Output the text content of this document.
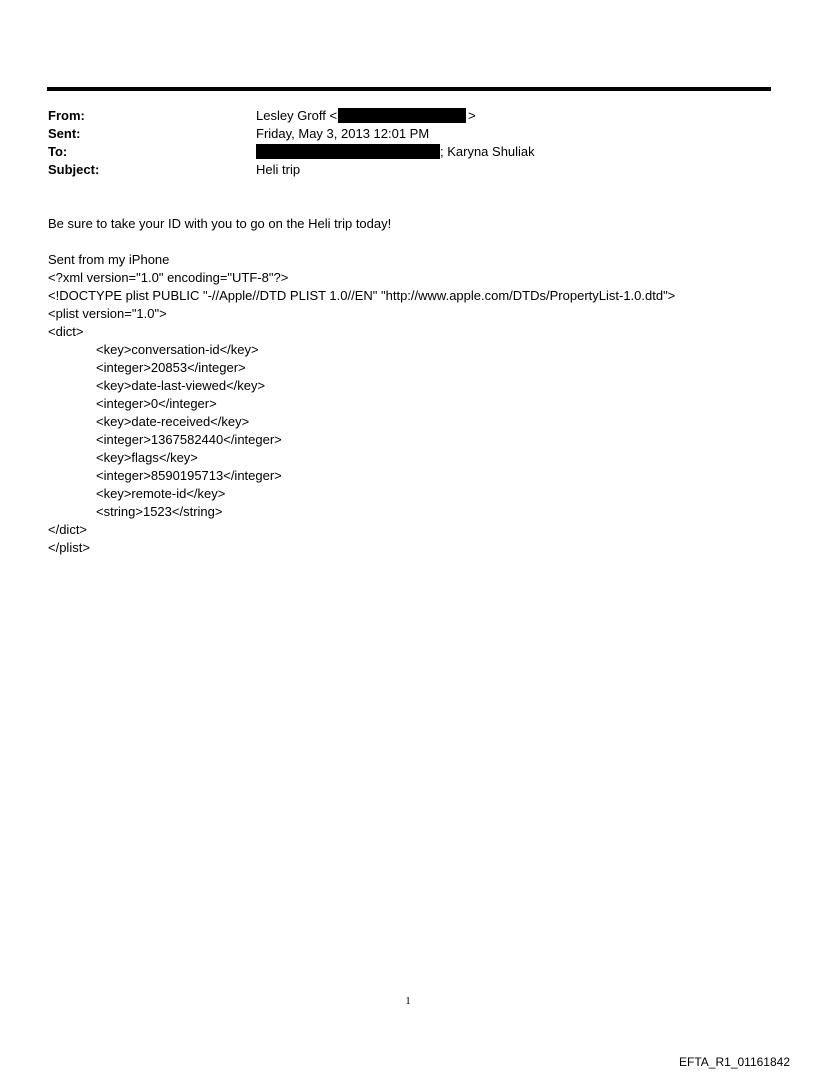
From:	Lesley Groff <	>
Sent:	Friday, May 3, 2013 12:01 PM
To:	; Karyna Shuliak
Subject:	Heli trip
Be sure to take your ID with you to go on the Heli trip today!
Sent from my iPhone
<?xml version="1.0" encoding="UTF-8"?>
<!DOCTYPE plist PUBLIC "-//Apple//DTD PLIST 1.0//EN" "http://www.apple.com/DTDs/PropertyList-1.0.dtd">
<plist version="1.0">
<dict>
<key>conversation-id</key>
<integer>20853</integer>
<key>date-last-viewed</key>
<integer>0</integer>
<key>date-received</key>
<integer>1367582440</integer>
<key>flags</key>
<integer>8590195713</integer>
<key>remote-id</key>
<string>1523</string>
</dict>
</plist>
1
EFTA_R1_01161842
